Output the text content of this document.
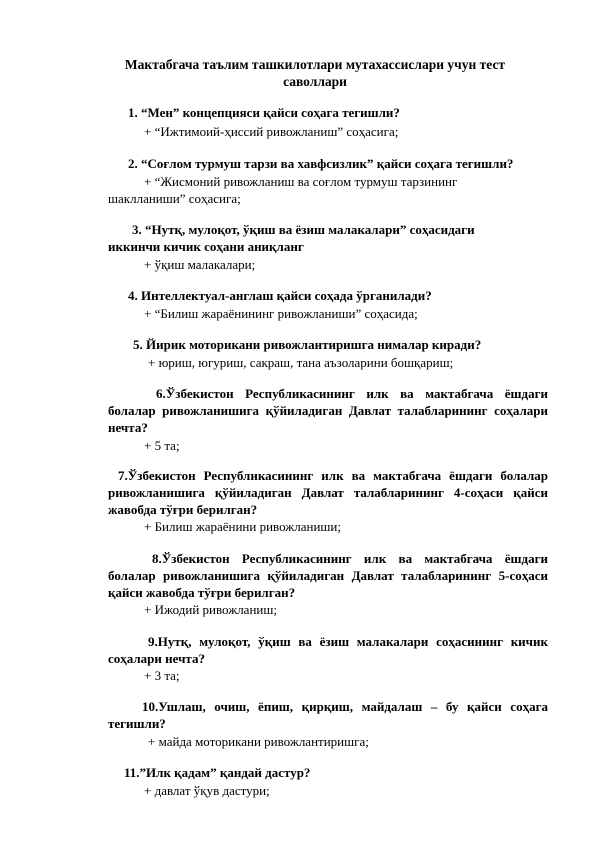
Мактабгача таълим ташкилотлари мутахассислари учун тест
саволлари
1. “Мен” концепцияси қайси соҳага тегишли?
+ “Ижтимоий-ҳиссий ривожланиш” соҳасига;
2. “Соғлом турмуш тарзи ва хавфсизлик” қайси соҳага тегишли?
+ “Жисмоний ривожланиш ва соғлом турмуш тарзининг
шаклланиши” соҳасига;
3. “Нутқ, мулоқот, ўқиш ва ёзиш малакалари” соҳасидаги
иккинчи кичик соҳани аниқланг
+ ўқиш малакалари;
4. Интеллектуал-англаш қайси соҳада ўрганилади?
+ “Билиш жараёнининг ривожланиши” соҳасида;
5. Йирик моторикани ривожлантиришга нималар киради?
+ юриш, югуриш, сакраш, тана аъзоларини бошқариш;
6.Ўзбекистон Республикасининг илк ва мактабгача ёшдаги болалар ривожланишига қўйиладиган Давлат талабларининг соҳалари нечта?
+ 5 та;
7.Ўзбекистон Республикасининг илк ва мактабгача ёшдаги болалар ривожланишига қўйиладиган Давлат талабларининг 4-соҳаси қайси жавобда тўғри берилган?
+ Билиш жараёнини ривожланиши;
8.Ўзбекистон Республикасининг илк ва мактабгача ёшдаги болалар ривожланишига қўйиладиган Давлат талабларининг 5-соҳаси қайси жавобда тўғри берилган?
+ Ижодий ривожланиш;
9.Нутқ, мулоқот, ўқиш ва ёзиш малакалари соҳасининг кичик соҳалари нечта?
+ 3 та;
10.Ушлаш, очиш, ёпиш, қирқиш, майдалаш – бу қайси соҳага тегишли?
+ майда моторикани ривожлантиришга;
11.”Илк қадам” қандай дастур?
+ давлат ўқув дастури;
